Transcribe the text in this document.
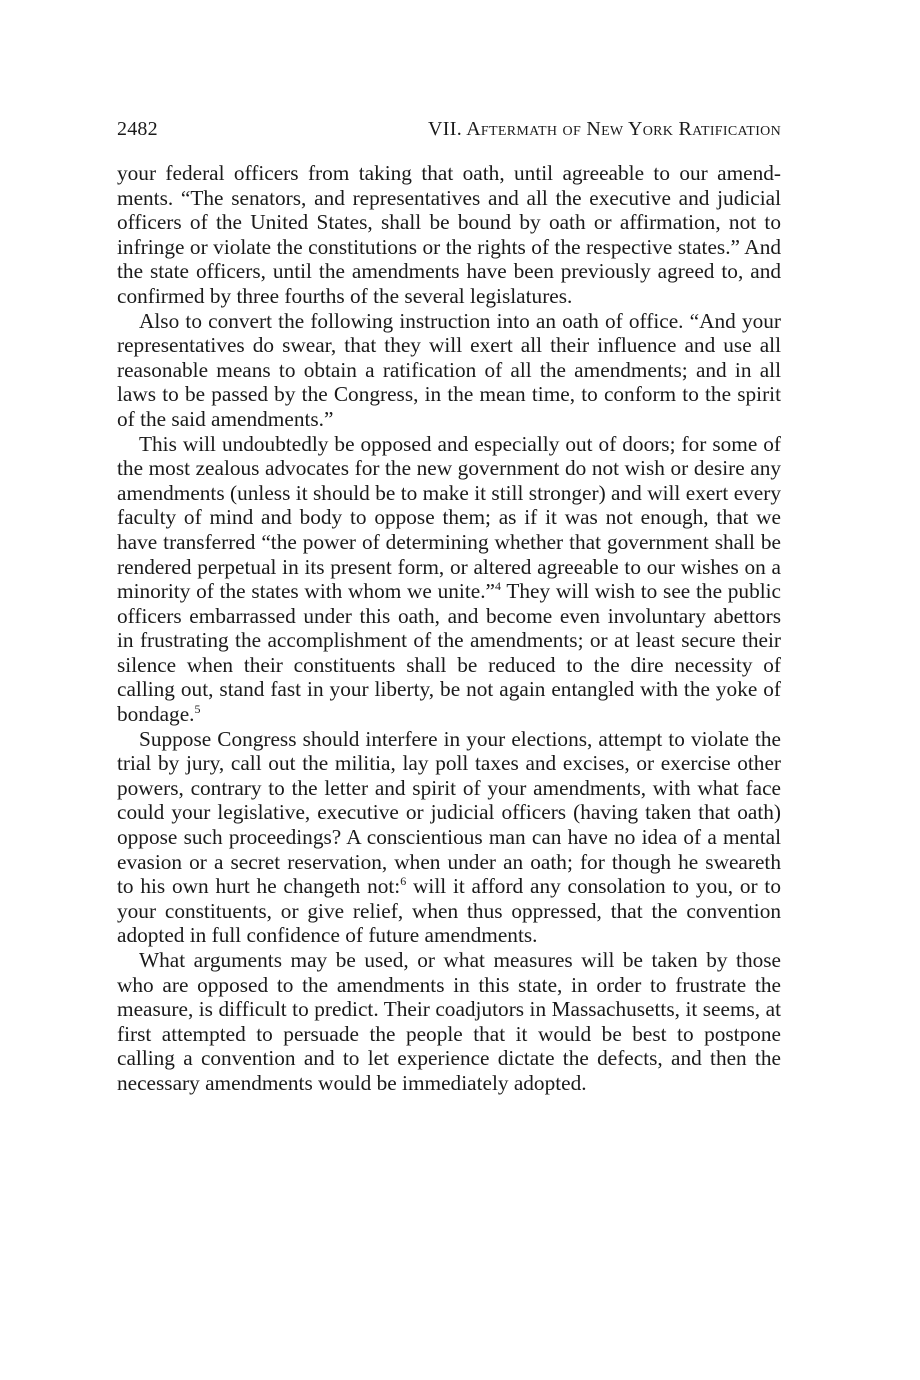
2482	VII. Aftermath of New York Ratification

your federal officers from taking that oath, until agreeable to our amendments. “The senators, and representatives and all the executive and judicial officers of the United States, shall be bound by oath or affirmation, not to infringe or violate the constitutions or the rights of the respective states.” And the state officers, until the amendments have been previously agreed to, and confirmed by three fourths of the several legislatures.

Also to convert the following instruction into an oath of office. “And your representatives do swear, that they will exert all their influence and use all reasonable means to obtain a ratification of all the amendments; and in all laws to be passed by the Congress, in the mean time, to conform to the spirit of the said amendments.”

This will undoubtedly be opposed and especially out of doors; for some of the most zealous advocates for the new government do not wish or desire any amendments (unless it should be to make it still stronger) and will exert every faculty of mind and body to oppose them; as if it was not enough, that we have transferred “the power of determining whether that government shall be rendered perpetual in its present form, or altered agreeable to our wishes on a minority of the states with whom we unite.”$^4$ They will wish to see the public officers embarrassed under this oath, and become even involuntary abettors in frustrating the accomplishment of the amendments; or at least secure their silence when their constituents shall be reduced to the dire necessity of calling out, stand fast in your liberty, be not again entangled with the yoke of bondage.$^5$

Suppose Congress should interfere in your elections, attempt to violate the trial by jury, call out the militia, lay poll taxes and excises, or exercise other powers, contrary to the letter and spirit of your amendments, with what face could your legislative, executive or judicial officers (having taken that oath) oppose such proceedings? A conscientious man can have no idea of a mental evasion or a secret reservation, when under an oath; for though he sweareth to his own hurt he changeth not:$^6$ will it afford any consolation to you, or to your constituents, or give relief, when thus oppressed, that the convention adopted in full confidence of future amendments.

What arguments may be used, or what measures will be taken by those who are opposed to the amendments in this state, in order to frustrate the measure, is difficult to predict. Their coadjutors in Massachusetts, it seems, at first attempted to persuade the people that it would be best to postpone calling a convention and to let experience dictate the defects, and then the necessary amendments would be immediately adopted.
